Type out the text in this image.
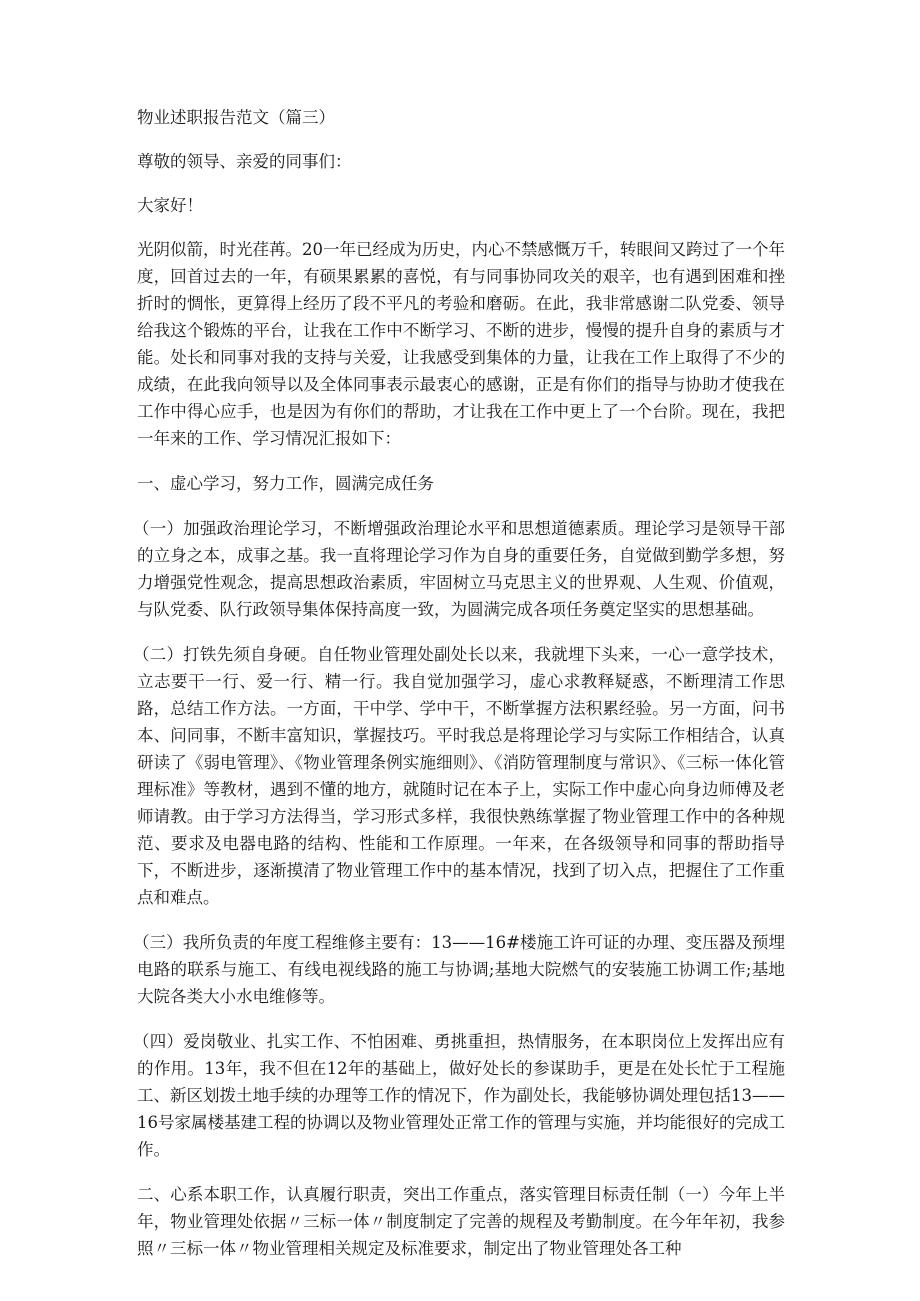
物业述职报告范文（篇三）

尊敬的领导、亲爱的同事们：

大家好！

光阴似箭，时光荏苒。20一年已经成为历史，内心不禁感慨万千，转眼间又跨过了一个年度，回首过去的一年，有硕果累累的喜悦，有与同事协同攻关的艰辛，也有遇到困难和挫折时的惆怅，更算得上经历了段不平凡的考验和磨砺。在此，我非常感谢二队党委、领导给我这个锻炼的平台，让我在工作中不断学习、不断的进步，慢慢的提升自身的素质与才能。处长和同事对我的支持与关爱，让我感受到集体的力量，让我在工作上取得了不少的成绩，在此我向领导以及全体同事表示最衷心的感谢，正是有你们的指导与协助才使我在工作中得心应手，也是因为有你们的帮助，才让我在工作中更上了一个台阶。现在，我把一年来的工作、学习情况汇报如下：

一、虚心学习，努力工作，圆满完成任务

（一）加强政治理论学习，不断增强政治理论水平和思想道德素质。理论学习是领导干部的立身之本，成事之基。我一直将理论学习作为自身的重要任务，自觉做到勤学多想，努力增强党性观念，提高思想政治素质，牢固树立马克思主义的世界观、人生观、价值观，与队党委、队行政领导集体保持高度一致，为圆满完成各项任务奠定坚实的思想基础。

（二）打铁先须自身硬。自任物业管理处副处长以来，我就埋下头来，一心一意学技术，立志要干一行、爱一行、精一行。我自觉加强学习，虚心求教释疑惑，不断理清工作思路，总结工作方法。一方面，干中学、学中干，不断掌握方法积累经验。另一方面，问书本、问同事，不断丰富知识，掌握技巧。平时我总是将理论学习与实际工作相结合，认真研读了《弱电管理》、《物业管理条例实施细则》、《消防管理制度与常识》、《三标一体化管理标准》等教材，遇到不懂的地方，就随时记在本子上，实际工作中虚心向身边师傅及老师请教。由于学习方法得当，学习形式多样，我很快熟练掌握了物业管理工作中的各种规范、要求及电器电路的结构、性能和工作原理。一年来，在各级领导和同事的帮助指导下，不断进步，逐渐摸清了物业管理工作中的基本情况，找到了切入点，把握住了工作重点和难点。

（三）我所负责的年度工程维修主要有：13——16#楼施工许可证的办理、变压器及预埋电路的联系与施工、有线电视线路的施工与协调;基地大院燃气的安装施工协调工作;基地大院各类大小水电维修等。

（四）爱岗敬业、扎实工作、不怕困难、勇挑重担，热情服务，在本职岗位上发挥出应有的作用。13年，我不但在12年的基础上，做好处长的参谋助手，更是在处长忙于工程施工、新区划拨土地手续的办理等工作的情况下，作为副处长，我能够协调处理包括13——16号家属楼基建工程的协调以及物业管理处正常工作的管理与实施，并均能很好的完成工作。

二、心系本职工作，认真履行职责，突出工作重点，落实管理目标责任制（一）今年上半年，物业管理处依据〃三标一体〃制度制定了完善的规程及考勤制度。在今年年初，我参照〃三标一体〃物业管理相关规定及标准要求，制定出了物业管理处各工种
